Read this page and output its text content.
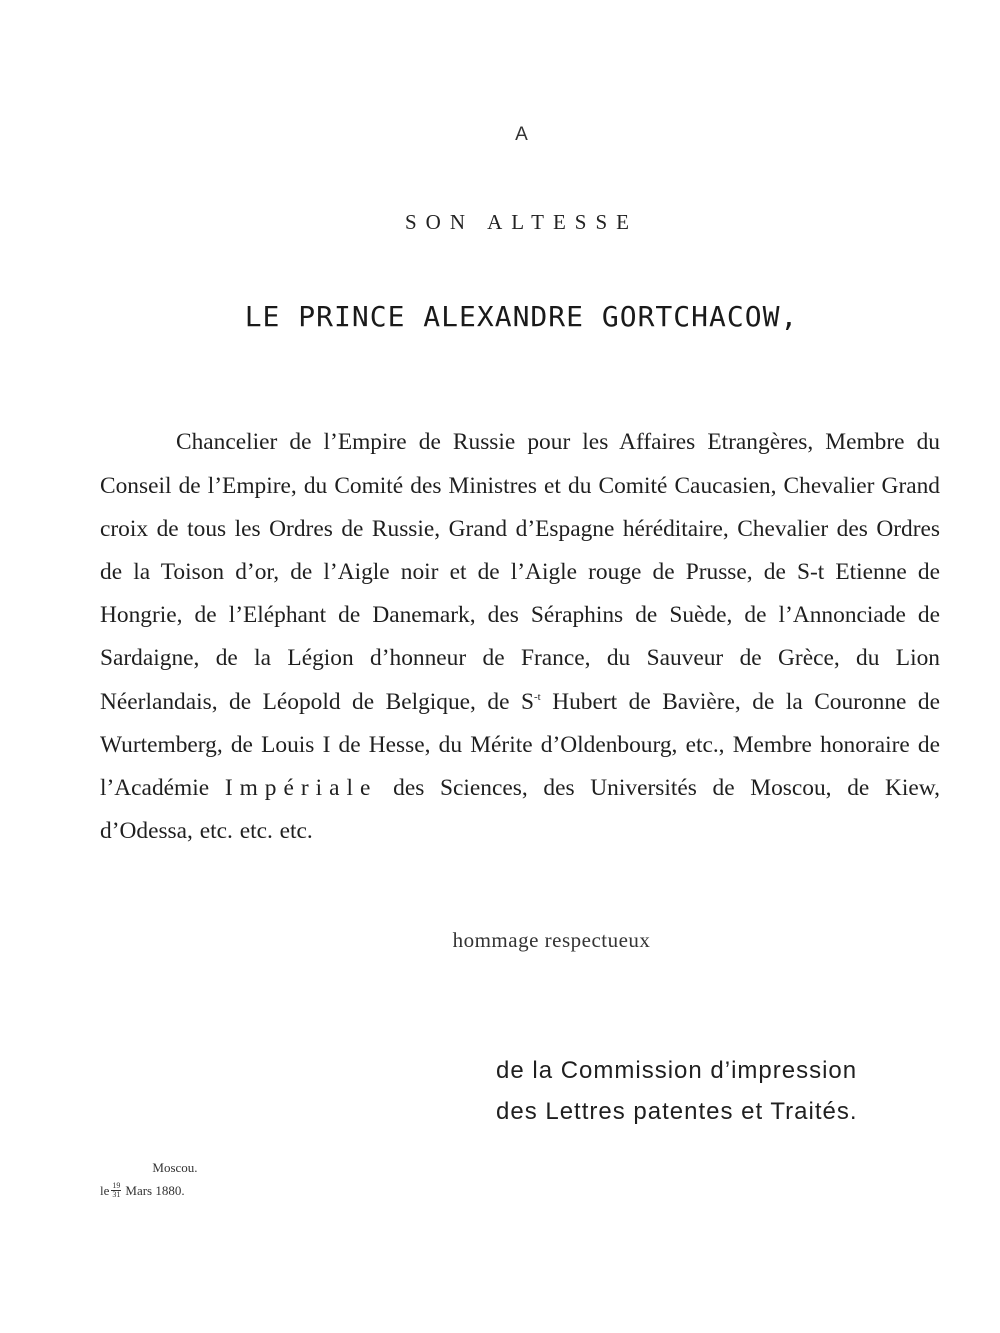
A
SON ALTESSE
LE PRINCE ALEXANDRE GORTCHACOW,

Chancelier de l’Empire de Russie pour les Affaires Etrangères, Membre du Conseil de l’Empire, du Comité des Ministres et du Comité Caucasien, Chevalier Grand croix de tous les Ordres de Russie, Grand d’Espagne héréditaire, Chevalier des Ordres de la Toison d’or, de l’Aigle noir et de l’Aigle rouge de Prusse, de S-t Etienne de Hongrie, de l’Eléphant de Danemark, des Séraphins de Suède, de l’Annonciade de Sardaigne, de la Légion d’honneur de France, du Sauveur de Grèce, du Lion Néerlandais, de Léopold de Belgique, de $S^{-t}$ Hubert de Bavière, de la Couronne de Wurtemberg, de Louis I de Hesse, du Mérite d’Oldenbourg, etc., Membre honoraire de l’Académie Impériale des Sciences, des Universités de Moscou, de Kiew, d’Odessa, etc. etc. etc.

hommage respectueux
de la Commission d’impression
des Lettres patentes et Traités.
Moscou.
le $\frac{19}{31}$ Mars 1880.
